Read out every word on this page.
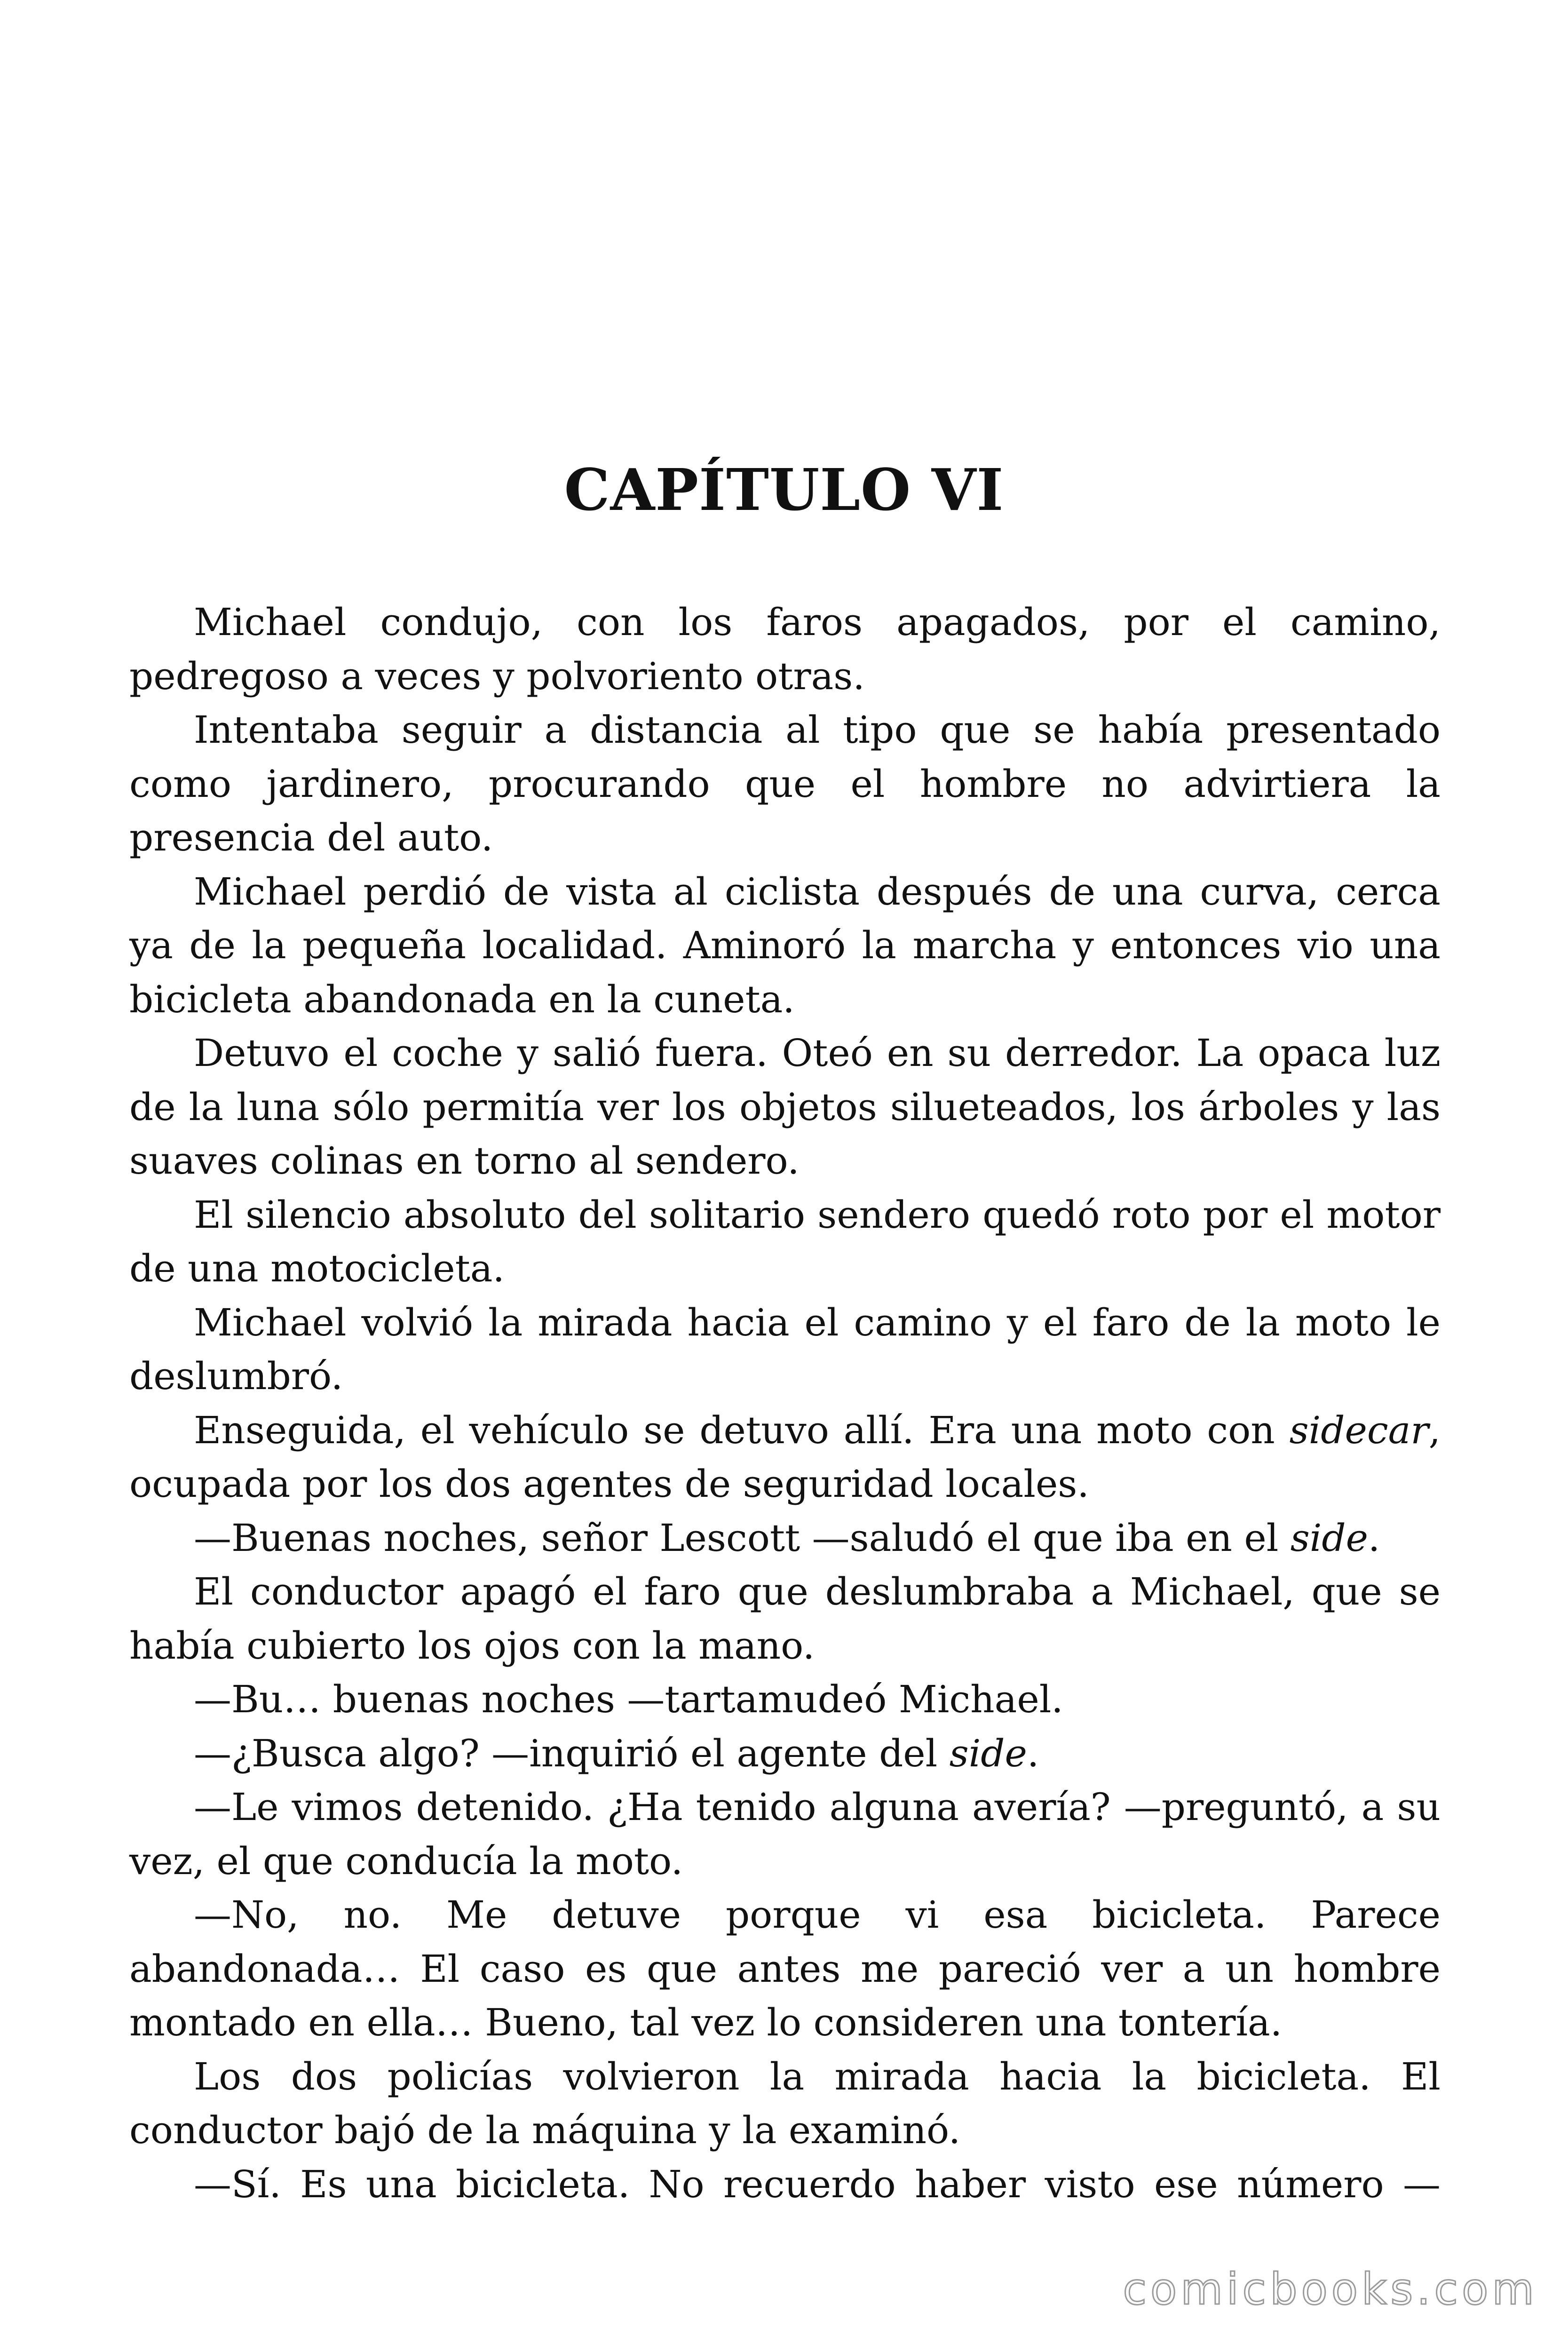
CAPÍTULO VI

Michael condujo, con los faros apagados, por el camino, pedregoso a veces y polvoriento otras.

Intentaba seguir a distancia al tipo que se había presentado como jardinero, procurando que el hombre no advirtiera la presencia del auto.

Michael perdió de vista al ciclista después de una curva, cerca ya de la pequeña localidad. Aminoró la marcha y entonces vio una bicicleta abandonada en la cuneta.

Detuvo el coche y salió fuera. Oteó en su derredor. La opaca luz de la luna sólo permitía ver los objetos silueteados, los árboles y las suaves colinas en torno al sendero.

El silencio absoluto del solitario sendero quedó roto por el motor de una motocicleta.

Michael volvió la mirada hacia el camino y el faro de la moto le deslumbró.

Enseguida, el vehículo se detuvo allí. Era una moto con sidecar, ocupada por los dos agentes de seguridad locales.

—Buenas noches, señor Lescott —saludó el que iba en el side.

El conductor apagó el faro que deslumbraba a Michael, que se había cubierto los ojos con la mano.

—Bu… buenas noches —tartamudeó Michael.

—¿Busca algo? —inquirió el agente del side.

—Le vimos detenido. ¿Ha tenido alguna avería? —preguntó, a su vez, el que conducía la moto.

—No, no. Me detuve porque vi esa bicicleta. Parece abandonada… El caso es que antes me pareció ver a un hombre montado en ella… Bueno, tal vez lo consideren una tontería.

Los dos policías volvieron la mirada hacia la bicicleta. El conductor bajó de la máquina y la examinó.

—Sí. Es una bicicleta. No recuerdo haber visto ese número —

comicbooks.com
